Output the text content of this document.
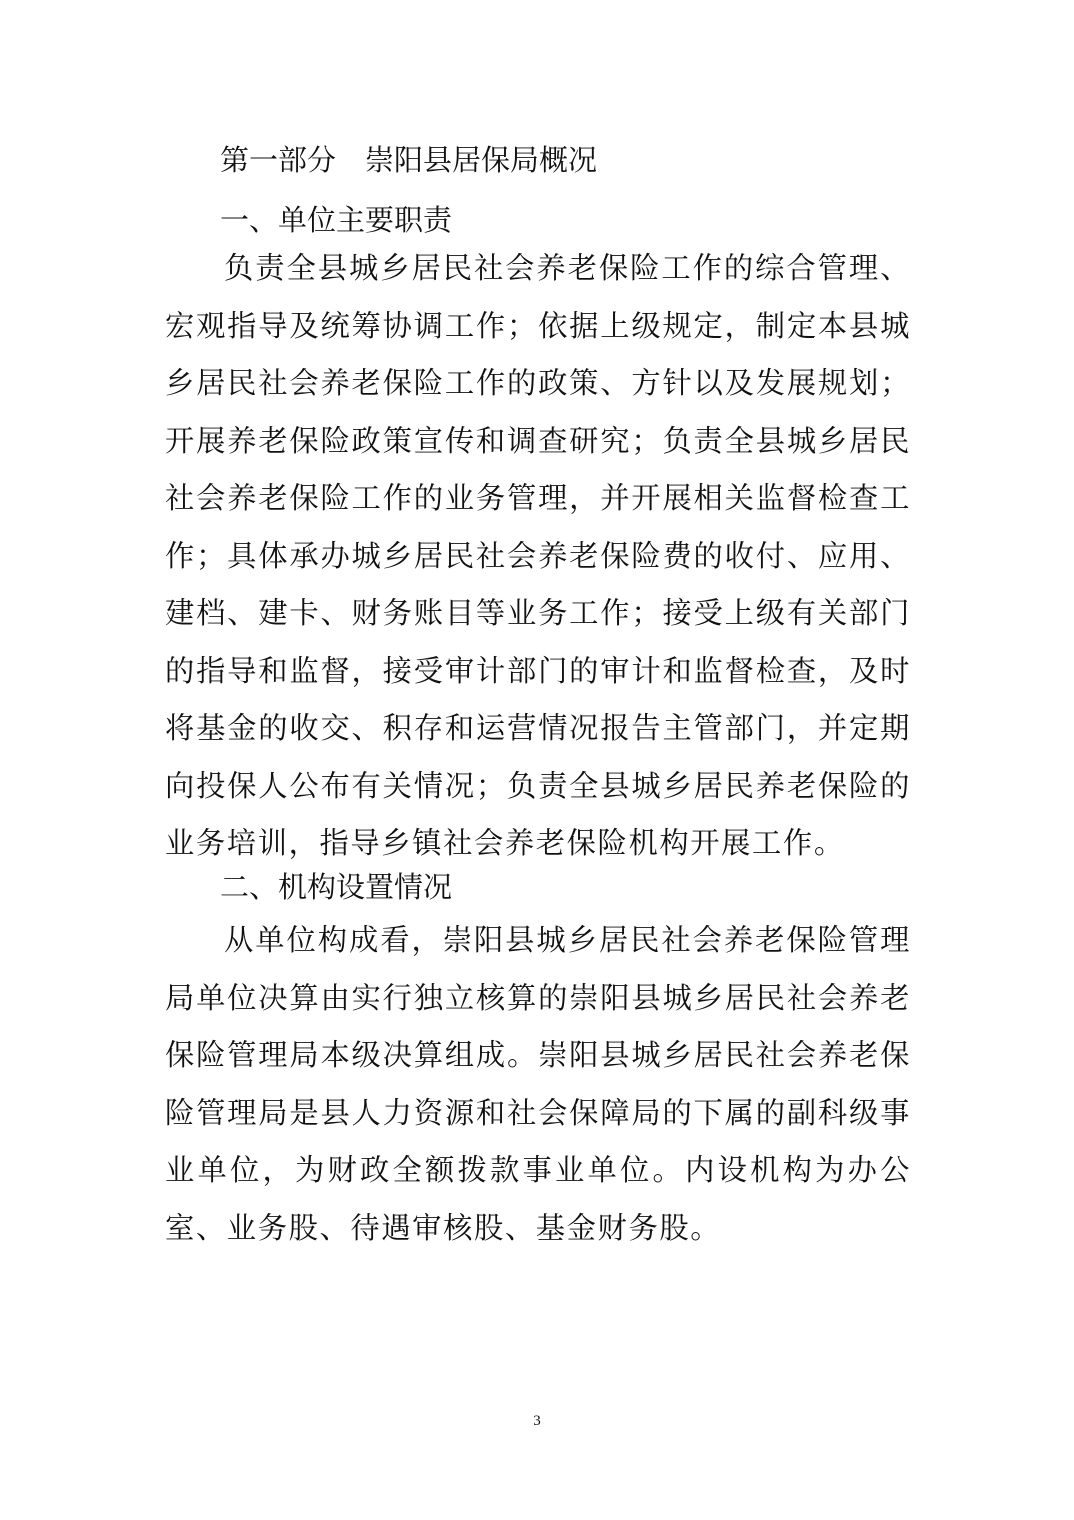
第一部分　崇阳县居保局概况
一、单位主要职责

负责全县城乡居民社会养老保险工作的综合管理、宏观指导及统筹协调工作；依据上级规定，制定本县城乡居民社会养老保险工作的政策、方针以及发展规划；开展养老保险政策宣传和调查研究；负责全县城乡居民社会养老保险工作的业务管理，并开展相关监督检查工作；具体承办城乡居民社会养老保险费的收付、应用、建档、建卡、财务账目等业务工作；接受上级有关部门的指导和监督，接受审计部门的审计和监督检查，及时将基金的收交、积存和运营情况报告主管部门，并定期向投保人公布有关情况；负责全县城乡居民养老保险的业务培训，指导乡镇社会养老保险机构开展工作。

二、机构设置情况

从单位构成看，崇阳县城乡居民社会养老保险管理局单位决算由实行独立核算的崇阳县城乡居民社会养老保险管理局本级决算组成。崇阳县城乡居民社会养老保险管理局是县人力资源和社会保障局的下属的副科级事业单位，为财政全额拨款事业单位。内设机构为办公室、业务股、待遇审核股、基金财务股。

3
